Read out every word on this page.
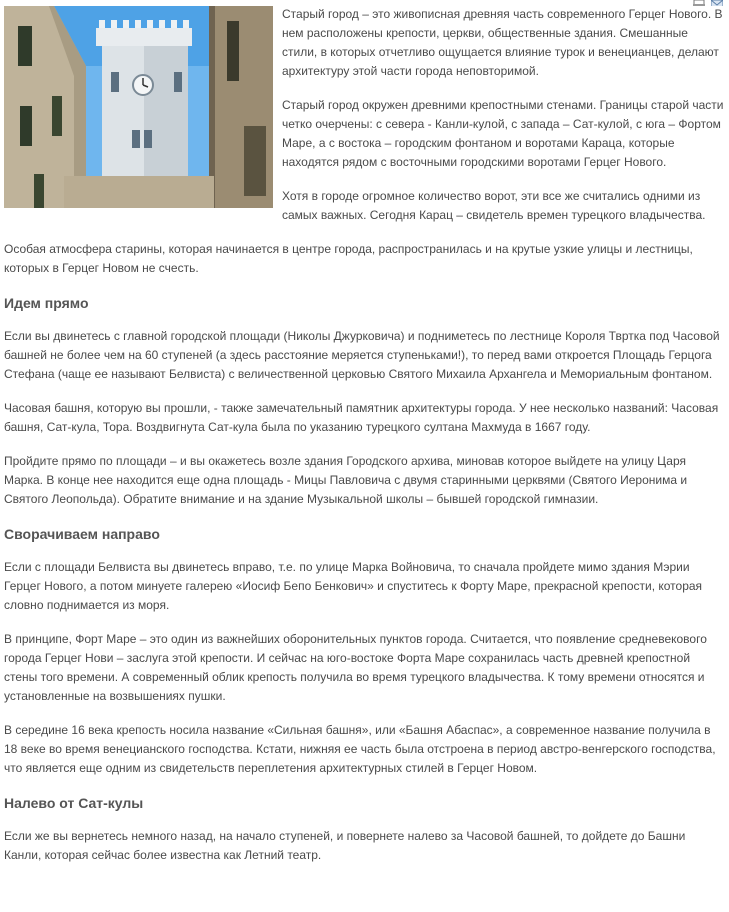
Старый город – это живописная древняя часть современного Герцег Нового. В нем расположены крепости, церкви, общественные здания. Смешанные стили, в которых отчетливо ощущается влияние турок и венецианцев, делают архитектуру этой части города неповторимой.

Старый город окружен древними крепостными стенами. Границы старой части четко очерчены: с севера - Канли-кулой, с запада – Сат-кулой, с юга – Фортом Маре, а с востока – городским фонтаном и воротами Караца, которые находятся рядом с восточными городскими воротами Герцег Нового.

Хотя в городе огромное количество ворот, эти все же считались одними из самых важных. Сегодня Карац – свидетель времен турецкого владычества.

Особая атмосфера старины, которая начинается в центре города, распространилась и на крутые узкие улицы и лестницы, которых в Герцег Новом не счесть.

Идем прямо

Если вы двинетесь с главной городской площади (Николы Джурковича) и подниметесь по лестнице Короля Твртка под Часовой башней не более чем на 60 ступеней (а здесь расстояние меряется ступеньками!), то перед вами откроется Площадь Герцога Стефана (чаще ее называют Белвиста) с величественной церковью Святого Михаила Архангела и Мемориальным фонтаном.

Часовая башня, которую вы прошли, - также замечательный памятник архитектуры города. У нее несколько названий: Часовая башня, Сат-кула, Тора. Воздвигнута Сат-кула была по указанию турецкого султана Махмуда в 1667 году.

Пройдите прямо по площади – и вы окажетесь возле здания Городского архива, миновав которое выйдете на улицу Царя Марка. В конце нее находится еще одна площадь - Мицы Павловича с двумя старинными церквями (Святого Иеронима и Святого Леопольда). Обратите внимание и на здание Музыкальной школы – бывшей городской гимназии.

Сворачиваем направо

Если с площади Белвиста вы двинетесь вправо, т.е. по улице Марка Войновича, то сначала пройдете мимо здания Мэрии Герцег Нового, а потом минуете галерею «Иосиф Бепо Бенкович» и спуститесь к Форту Маре, прекрасной крепости, которая словно поднимается из моря.

В принципе, Форт Маре – это один из важнейших оборонительных пунктов города. Считается, что появление средневекового города Герцег Нови – заслуга этой крепости. И сейчас на юго-востоке Форта Маре сохранилась часть древней крепостной стены того времени. А современный облик крепость получила во время турецкого владычества. К тому времени относятся и установленные на возвышениях пушки.

В середине 16 века крепость носила название «Сильная башня», или «Башня Абаспас», а современное название получила в 18 веке во время венецианского господства. Кстати, нижняя ее часть была отстроена в период австро-венгерского господства, что является еще одним из свидетельств переплетения архитектурных стилей в Герцег Новом.

Налево от Сат-кулы

Если же вы вернетесь немного назад, на начало ступеней, и повернете налево за Часовой башней, то дойдете до Башни Канли, которая сейчас более известна как Летний театр.
